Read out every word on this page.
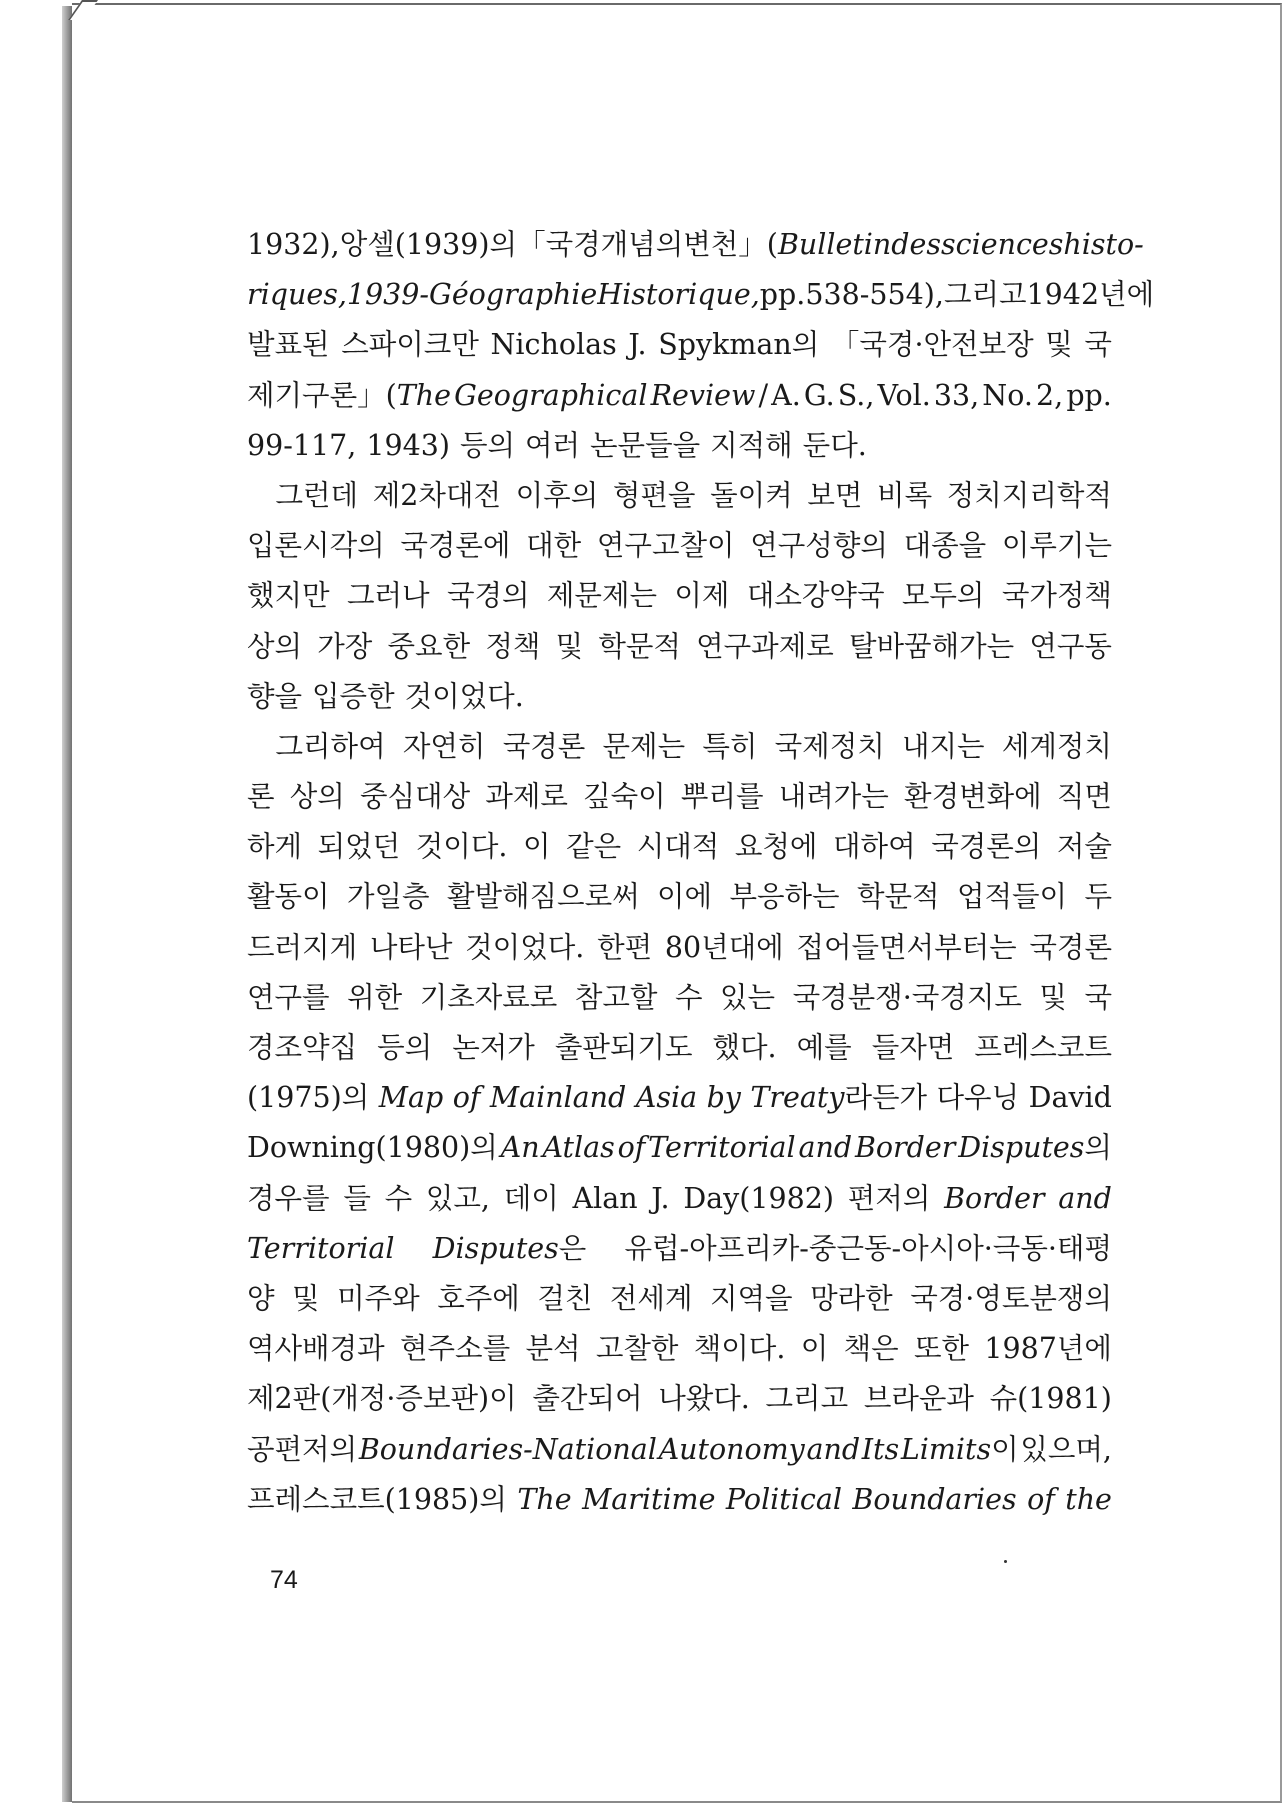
1932), 앙셀(1939)의 「국경개념의 변천」(Bulletin des sciences histo-
riques, 1939-Géographie Historique, pp. 538-554), 그리고 1942년에
발표된 스파이크만 Nicholas J. Spykman의 「국경·안전보장 및 국
제기구론」(The Geographical Review / A. G. S., Vol. 33, No. 2, pp.
99-117, 1943) 등의 여러 논문들을 지적해 둔다.
그런데 제2차대전 이후의 형편을 돌이켜 보면 비록 정치지리학적
입론시각의 국경론에 대한 연구고찰이 연구성향의 대종을 이루기는
했지만 그러나 국경의 제문제는 이제 대소강약국 모두의 국가정책
상의 가장 중요한 정책 및 학문적 연구과제로 탈바꿈해가는 연구동
향을 입증한 것이었다.
그리하여 자연히 국경론 문제는 특히 국제정치 내지는 세계정치
론 상의 중심대상 과제로 깊숙이 뿌리를 내려가는 환경변화에 직면
하게 되었던 것이다. 이 같은 시대적 요청에 대하여 국경론의 저술
활동이 가일층 활발해짐으로써 이에 부응하는 학문적 업적들이 두
드러지게 나타난 것이었다. 한편 80년대에 접어들면서부터는 국경론
연구를 위한 기초자료로 참고할 수 있는 국경분쟁·국경지도 및 국
경조약집 등의 논저가 출판되기도 했다. 예를 들자면 프레스코트
(1975)의 Map of Mainland Asia by Treaty라든가 다우닝 David
Downing(1980)의 An Atlas of Territorial and Border Disputes의
경우를 들 수 있고, 데이 Alan J. Day(1982) 편저의 Border and
Territorial Disputes은 유럽-아프리카-중근동-아시아·극동·태평
양 및 미주와 호주에 걸친 전세계 지역을 망라한 국경·영토분쟁의
역사배경과 현주소를 분석 고찰한 책이다. 이 책은 또한 1987년에
제2판(개정·증보판)이 출간되어 나왔다. 그리고 브라운과 슈(1981)
공편저의 Boundaries-National Autonomy and Its Limits이 있으며,
프레스코트(1985)의 The Maritime Political Boundaries of the
74
